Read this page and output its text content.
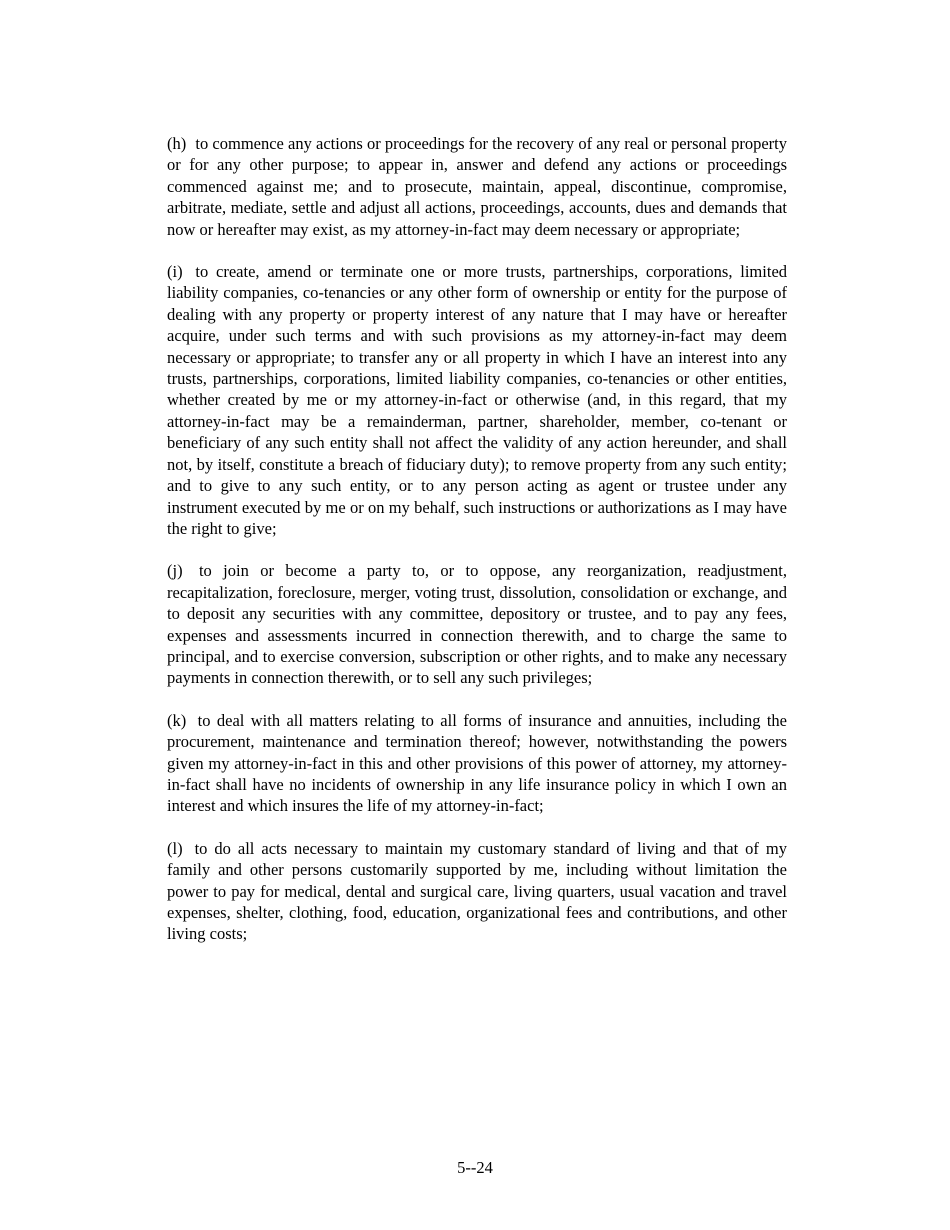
(h) to commence any actions or proceedings for the recovery of any real or personal property or for any other purpose; to appear in, answer and defend any actions or proceedings commenced against me; and to prosecute, maintain, appeal, discontinue, compromise, arbitrate, mediate, settle and adjust all actions, proceedings, accounts, dues and demands that now or hereafter may exist, as my attorney-in-fact may deem necessary or appropriate;

(i) to create, amend or terminate one or more trusts, partnerships, corporations, limited liability companies, co-tenancies or any other form of ownership or entity for the purpose of dealing with any property or property interest of any nature that I may have or hereafter acquire, under such terms and with such provisions as my attorney-in-fact may deem necessary or appropriate; to transfer any or all property in which I have an interest into any trusts, partnerships, corporations, limited liability companies, co-tenancies or other entities, whether created by me or my attorney-in-fact or otherwise (and, in this regard, that my attorney-in-fact may be a remainderman, partner, shareholder, member, co-tenant or beneficiary of any such entity shall not affect the validity of any action hereunder, and shall not, by itself, constitute a breach of fiduciary duty); to remove property from any such entity; and to give to any such entity, or to any person acting as agent or trustee under any instrument executed by me or on my behalf, such instructions or authorizations as I may have the right to give;

(j) to join or become a party to, or to oppose, any reorganization, readjustment, recapitalization, foreclosure, merger, voting trust, dissolution, consolidation or exchange, and to deposit any securities with any committee, depository or trustee, and to pay any fees, expenses and assessments incurred in connection therewith, and to charge the same to principal, and to exercise conversion, subscription or other rights, and to make any necessary payments in connection therewith, or to sell any such privileges;

(k) to deal with all matters relating to all forms of insurance and annuities, including the procurement, maintenance and termination thereof; however, notwithstanding the powers given my attorney-in-fact in this and other provisions of this power of attorney, my attorney-in-fact shall have no incidents of ownership in any life insurance policy in which I own an interest and which insures the life of my attorney-in-fact;

(l) to do all acts necessary to maintain my customary standard of living and that of my family and other persons customarily supported by me, including without limitation the power to pay for medical, dental and surgical care, living quarters, usual vacation and travel expenses, shelter, clothing, food, education, organizational fees and contributions, and other living costs;

5--24
